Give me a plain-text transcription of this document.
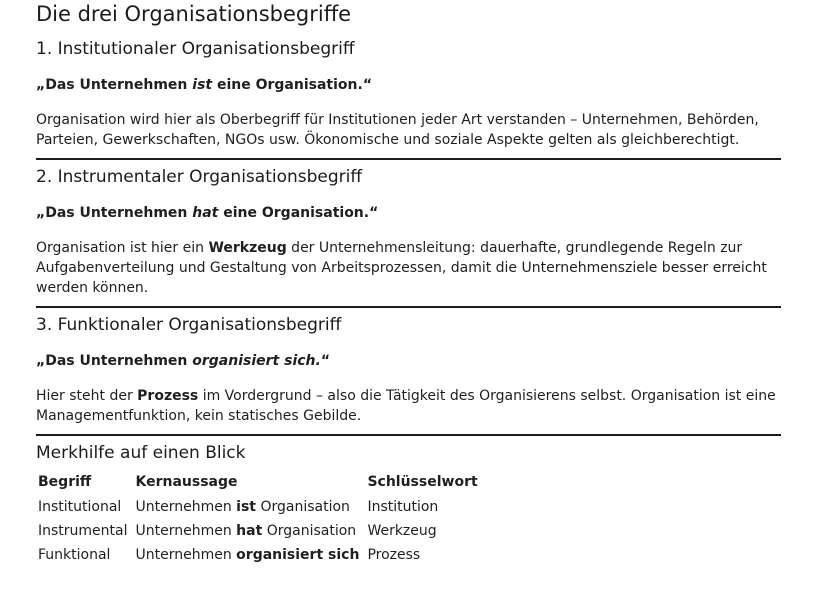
Die drei Organisationsbegriffe
1. Institutionaler Organisationsbegriff

„Das Unternehmen ist eine Organisation.“

Organisation wird hier als Oberbegriff für Institutionen jeder Art verstanden – Unternehmen, Behörden, Parteien, Gewerkschaften, NGOs usw. Ökonomische und soziale Aspekte gelten als gleichberechtigt.

2. Instrumentaler Organisationsbegriff

„Das Unternehmen hat eine Organisation.“

Organisation ist hier ein Werkzeug der Unternehmensleitung: dauerhafte, grundlegende Regeln zur Aufgabenverteilung und Gestaltung von Arbeitsprozessen, damit die Unternehmensziele besser erreicht werden können.

3. Funktionaler Organisationsbegriff

„Das Unternehmen organisiert sich.“

Hier steht der Prozess im Vordergrund – also die Tätigkeit des Organisierens selbst. Organisation ist eine Managementfunktion, kein statisches Gebilde.

Merkhilfe auf einen Blick
Begriff	Kernaussage	Schlüsselwort
Institutional	Unternehmen ist Organisation	Institution
Instrumental	Unternehmen hat Organisation	Werkzeug
Funktional	Unternehmen organisiert sich	Prozess
